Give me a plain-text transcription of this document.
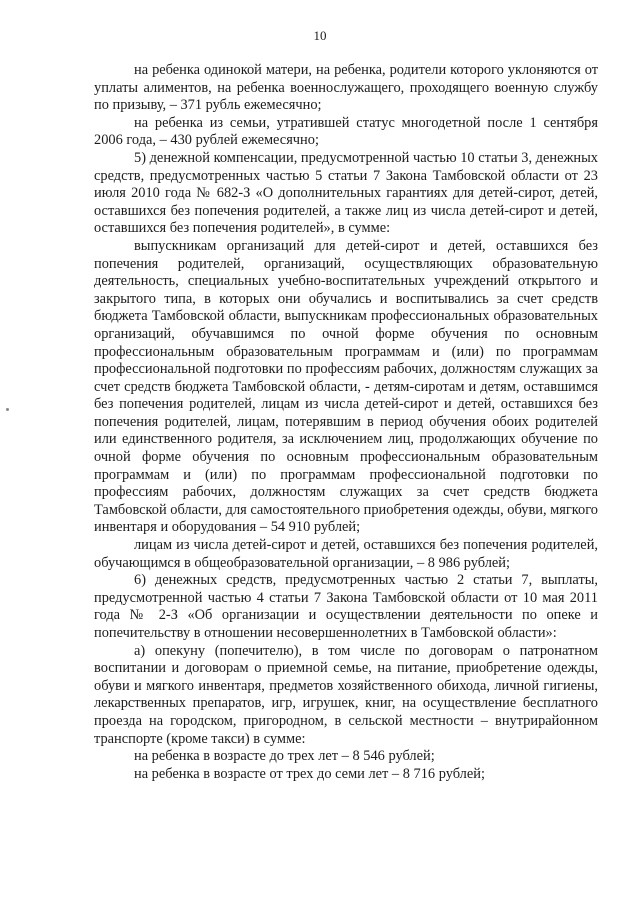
10

на ребенка одинокой матери, на ребенка, родители которого уклоняются от уплаты алиментов, на ребенка военнослужащего, проходящего военную службу по призыву, – 371 рубль ежемесячно;

на ребенка из семьи, утратившей статус многодетной после 1 сентября 2006 года, – 430 рублей ежемесячно;

5) денежной компенсации, предусмотренной частью 10 статьи 3, денежных средств, предусмотренных частью 5 статьи 7 Закона Тамбовской области от 23 июля 2010 года № 682-З «О дополнительных гарантиях для детей-сирот, детей, оставшихся без попечения родителей, а также лиц из числа детей-сирот и детей, оставшихся без попечения родителей», в сумме:

выпускникам организаций для детей-сирот и детей, оставшихся без попечения родителей, организаций, осуществляющих образовательную деятельность, специальных учебно-воспитательных учреждений открытого и закрытого типа, в которых они обучались и воспитывались за счет средств бюджета Тамбовской области, выпускникам профессиональных образовательных организаций, обучавшимся по очной форме обучения по основным профессиональным образовательным программам и (или) по программам профессиональной подготовки по профессиям рабочих, должностям служащих за счет средств бюджета Тамбовской области, - детям-сиротам и детям, оставшимся без попечения родителей, лицам из числа детей-сирот и детей, оставшихся без попечения родителей, лицам, потерявшим в период обучения обоих родителей или единственного родителя, за исключением лиц, продолжающих обучение по очной форме обучения по основным профессиональным образовательным программам и (или) по программам профессиональной подготовки по профессиям рабочих, должностям служащих за счет средств бюджета Тамбовской области, для самостоятельного приобретения одежды, обуви, мягкого инвентаря и оборудования – 54 910 рублей;

лицам из числа детей-сирот и детей, оставшихся без попечения родителей, обучающимся в общеобразовательной организации, – 8 986 рублей;

6) денежных средств, предусмотренных частью 2 статьи 7, выплаты, предусмотренной частью 4 статьи 7 Закона Тамбовской области от 10 мая 2011 года № 2-З «Об организации и осуществлении деятельности по опеке и попечительству в отношении несовершеннолетних в Тамбовской области»:

а) опекуну (попечителю), в том числе по договорам о патронатном воспитании и договорам о приемной семье, на питание, приобретение одежды, обуви и мягкого инвентаря, предметов хозяйственного обихода, личной гигиены, лекарственных препаратов, игр, игрушек, книг, на осуществление бесплатного проезда на городском, пригородном, в сельской местности – внутрирайонном транспорте (кроме такси) в сумме:

на ребенка в возрасте до трех лет – 8 546 рублей;

на ребенка в возрасте от трех до семи лет – 8 716 рублей;
